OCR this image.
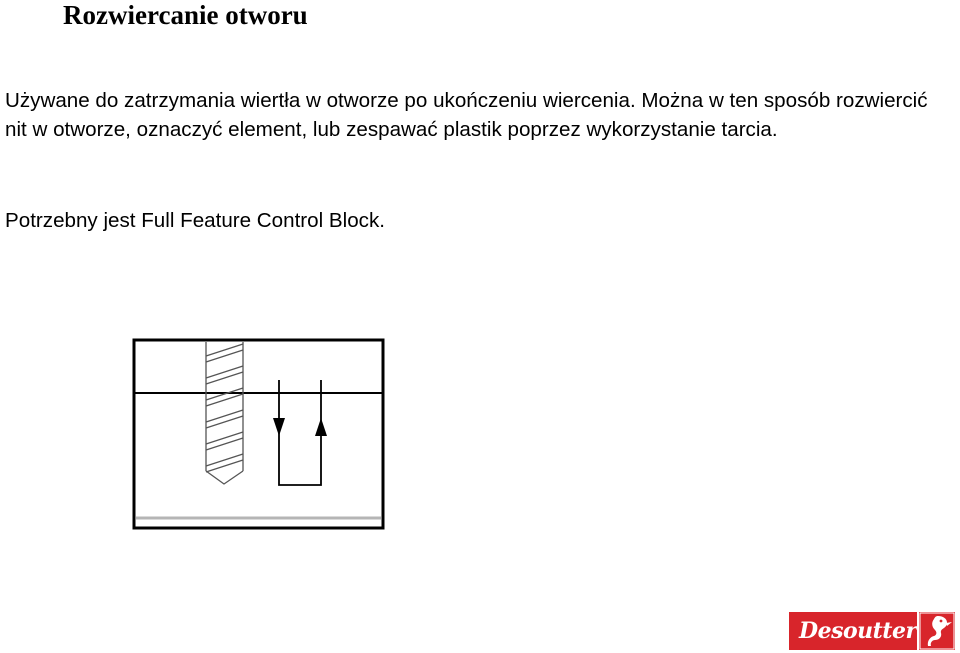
Rozwiercanie otworu

Używane do zatrzymania wiertła w otworze po ukończeniu wiercenia. Można w ten sposób rozwiercić nit w otworze, oznaczyć element, lub zespawać plastik poprzez wykorzystanie tarcia.

Potrzebny jest Full Feature Control Block.

Desoutter
